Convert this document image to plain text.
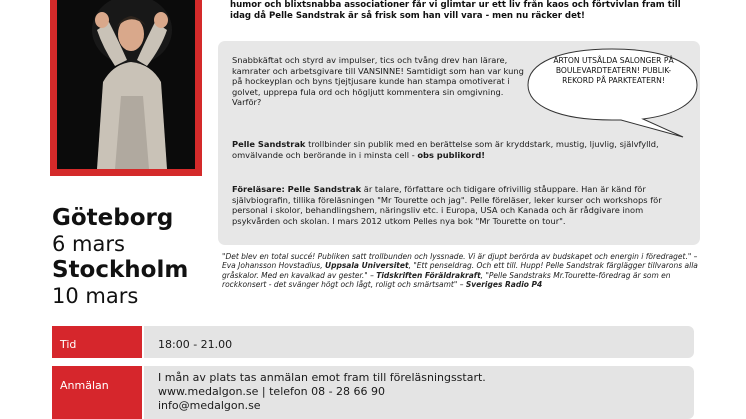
humor och blixtsnabba associationer får vi glimtar ur ett liv från kaos och förtvivlan fram till idag då Pelle Sandstrak är så frisk som han vill vara - men nu räcker det!
Snabbkäftat och styrd av impulser, tics och tvång drev han lärare, kamrater och arbetsgivare till VANSINNE! Samtidigt som han var kung på hockeyplan och byns tjejtjusare kunde han stampa omotiverat i golvet, upprepa fula ord och högljutt kommentera sin omgivning. Varför?
Pelle Sandstrak trollbinder sin publik med en berättelse som är kryddstark, mustig, ljuvlig, självfylld, omvälvande och berörande in i minsta cell - obs publikord!
Föreläsare: Pelle Sandstrak är talare, författare och tidigare ofrivillig ståuppare. Han är känd för självbiografin, tillika föreläsningen "Mr Tourette och jag". Pelle föreläser, leker kurser och workshops för personal i skolor, behandlingshem, näringsliv etc. i Europa, USA och Kanada och är rådgivare inom psykvården och skolan. I mars 2012 utkom Pelles nya bok "Mr Tourette on tour".
ARTON UTSÅLDA SALONGER PÅ BOULEVARDTEATERN! PUBLIK-REKORD PÅ PARKTEATERN!
"Det blev en total succé! Publiken satt trollbunden och lyssnade. Vi är djupt berörda av budskapet och energin i föredraget." – Eva Johansson Hovstadius, Uppsala Universitet, "Ett penseldrag. Och ett till. Hupp! Pelle Sandstrak färglägger tillvarons alla gråskalor. Med en kavalkad av gester." – Tidskriften Föräldrakraft, "Pelle Sandstraks Mr.Tourette-föredrag är som en rockkonsert - det svänger högt och lågt, roligt och smärtsamt" – Sveriges Radio P4
Göteborg
6 mars
Stockholm
10 mars
Tid	18:00 - 21.00
Anmälan
I mån av plats tas anmälan emot fram till föreläsningsstart.
www.medalgon.se | telefon 08 - 28 66 90
info@medalgon.se
